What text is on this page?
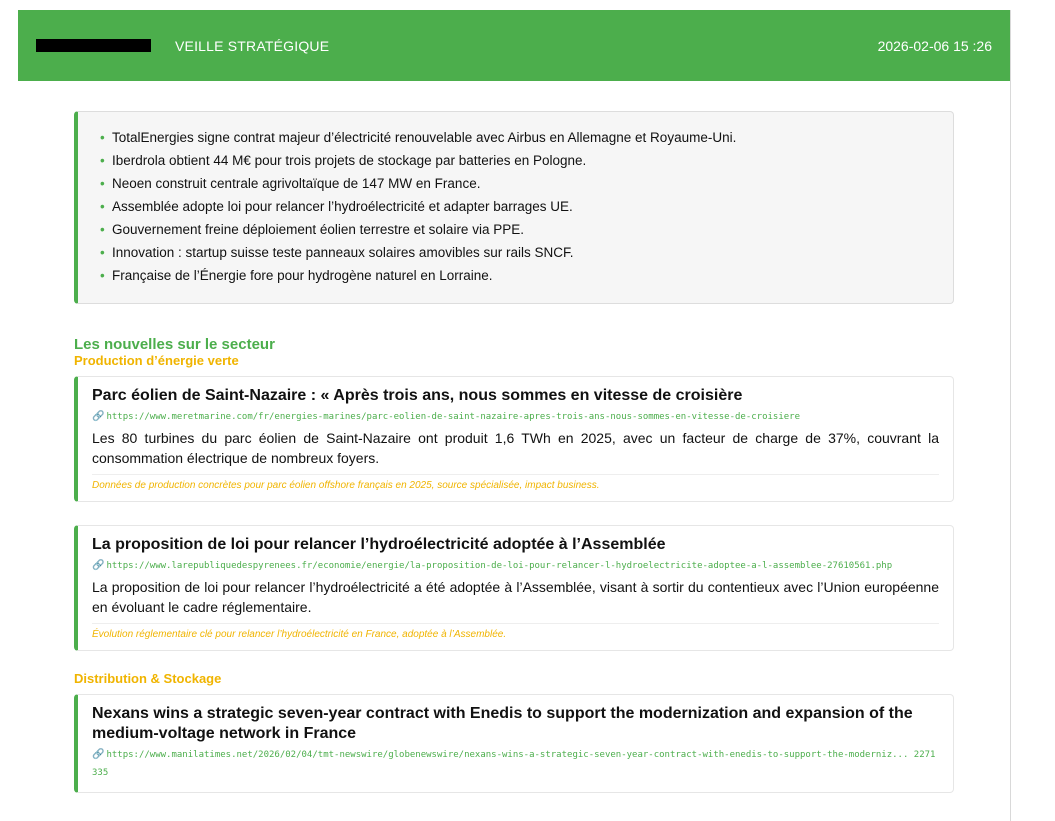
VEILLE STRATÉGIQUE	2026-02-06 15 :26
• TotalEnergies signe contrat majeur d’électricité renouvelable avec Airbus en Allemagne et Royaume-Uni.
• Iberdrola obtient 44 M€ pour trois projets de stockage par batteries en Pologne.
• Neoen construit centrale agrivoltaïque de 147 MW en France.
• Assemblée adopte loi pour relancer l’hydroélectricité et adapter barrages UE.
• Gouvernement freine déploiement éolien terrestre et solaire via PPE.
• Innovation : startup suisse teste panneaux solaires amovibles sur rails SNCF.
• Française de l’Énergie fore pour hydrogène naturel en Lorraine.
Les nouvelles sur le secteur
Production d’énergie verte
Parc éolien de Saint-Nazaire : « Après trois ans, nous sommes en vitesse de croisière
🔗 https://www.meretmarine.com/fr/energies-marines/parc-eolien-de-saint-nazaire-apres-trois-ans-nous-sommes-en-vitesse-de-croisiere
Les 80 turbines du parc éolien de Saint-Nazaire ont produit 1,6 TWh en 2025, avec un facteur de charge de 37%, couvrant la consommation électrique de nombreux foyers.
Données de production concrètes pour parc éolien offshore français en 2025, source spécialisée, impact business.
La proposition de loi pour relancer l’hydroélectricité adoptée à l’Assemblée
🔗 https://www.larepubliquedespyrenees.fr/economie/energie/la-proposition-de-loi-pour-relancer-l-hydroelectricite-adoptee-a-l-assemblee-27610561.php
La proposition de loi pour relancer l’hydroélectricité a été adoptée à l’Assemblée, visant à sortir du contentieux avec l’Union européenne en évoluant le cadre réglementaire.
Évolution réglementaire clé pour relancer l’hydroélectricité en France, adoptée à l’Assemblée.
Distribution & Stockage
Nexans wins a strategic seven-year contract with Enedis to support the modernization and expansion of the medium-voltage network in France
🔗 https://www.manilatimes.net/2026/02/04/tmt-newswire/globenewswire/nexans-wins-a-strategic-seven-year-contract-with-enedis-to-support-the-moderniz... 2271335
